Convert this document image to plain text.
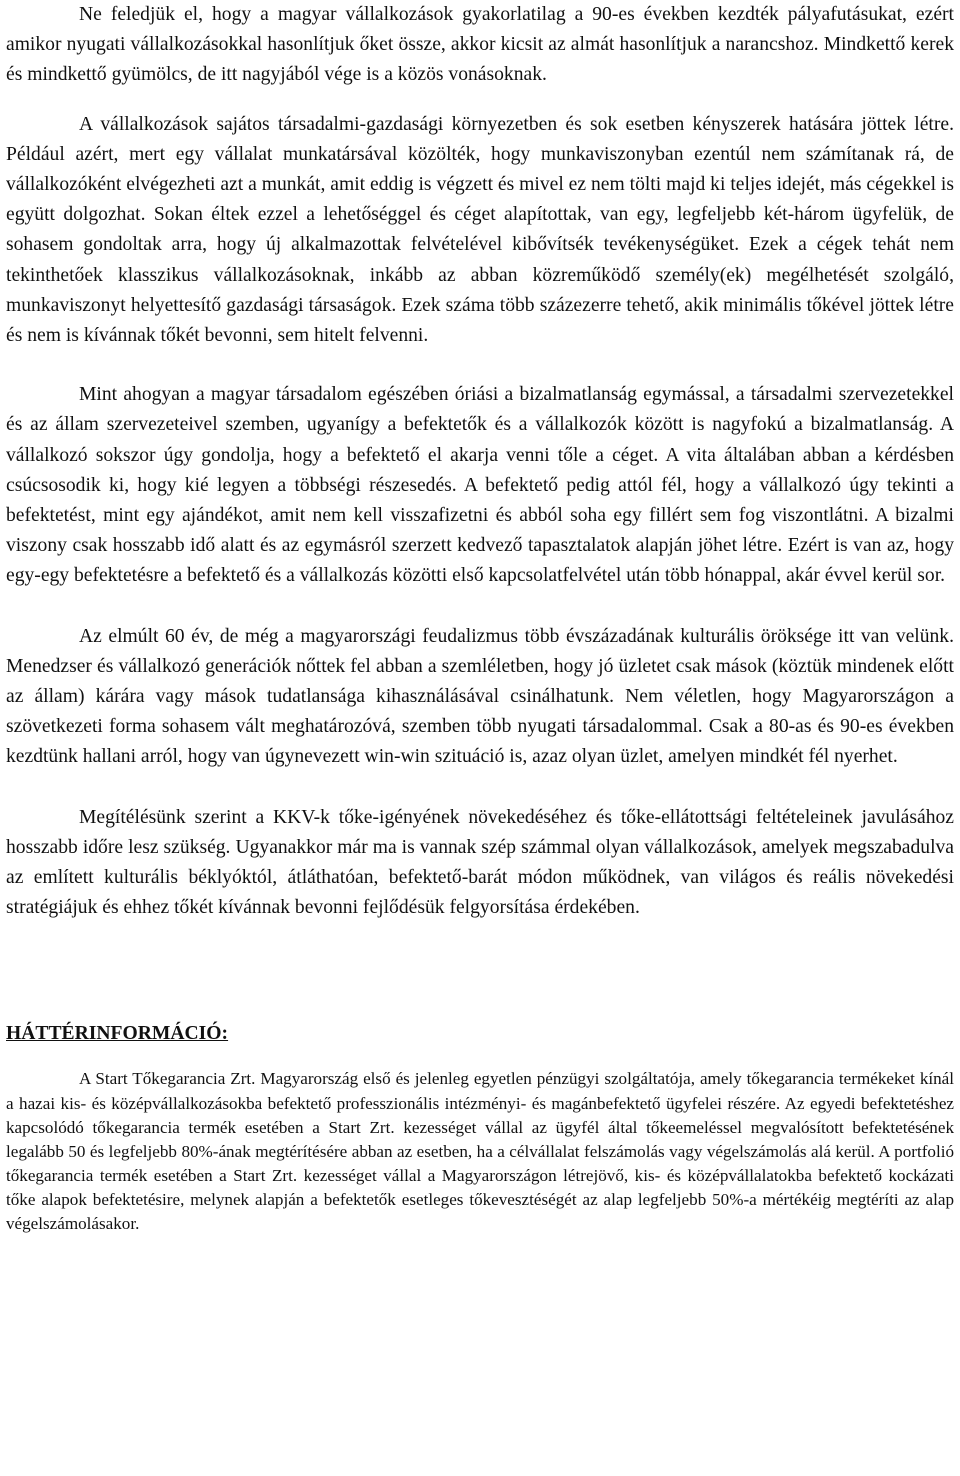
Ne feledjük el, hogy a magyar vállalkozások gyakorlatilag a 90-es években kezdték pályafutásukat, ezért amikor nyugati vállalkozásokkal hasonlítjuk őket össze, akkor kicsit az almát hasonlítjuk a narancshoz. Mindkettő kerek és mindkettő gyümölcs, de itt nagyjából vége is a közös vonásoknak.

A vállalkozások sajátos társadalmi-gazdasági környezetben és sok esetben kényszerek hatására jöttek létre. Például azért, mert egy vállalat munkatársával közölték, hogy munkaviszonyban ezentúl nem számítanak rá, de vállalkozóként elvégezheti azt a munkát, amit eddig is végzett és mivel ez nem tölti majd ki teljes idejét, más cégekkel is együtt dolgozhat. Sokan éltek ezzel a lehetőséggel és céget alapítottak, van egy, legfeljebb két-három ügyfelük, de sohasem gondoltak arra, hogy új alkalmazottak felvételével kibővítsék tevékenységüket. Ezek a cégek tehát nem tekinthetőek klasszikus vállalkozásoknak, inkább az abban közreműködő személy(ek) megélhetését szolgáló, munkaviszonyt helyettesítő gazdasági társaságok. Ezek száma több százezerre tehető, akik minimális tőkével jöttek létre és nem is kívánnak tőkét bevonni, sem hitelt felvenni.

Mint ahogyan a magyar társadalom egészében óriási a bizalmatlanság egymással, a társadalmi szervezetekkel és az állam szervezeteivel szemben, ugyanígy a befektetők és a vállalkozók között is nagyfokú a bizalmatlanság. A vállalkozó sokszor úgy gondolja, hogy a befektető el akarja venni tőle a céget. A vita általában abban a kérdésben csúcsosodik ki, hogy kié legyen a többségi részesedés. A befektető pedig attól fél, hogy a vállalkozó úgy tekinti a befektetést, mint egy ajándékot, amit nem kell visszafizetni és abból soha egy fillért sem fog viszontlátni. A bizalmi viszony csak hosszabb idő alatt és az egymásról szerzett kedvező tapasztalatok alapján jöhet létre. Ezért is van az, hogy egy-egy befektetésre a befektető és a vállalkozás közötti első kapcsolatfelvétel után több hónappal, akár évvel kerül sor.

Az elmúlt 60 év, de még a magyarországi feudalizmus több évszázadának kulturális öröksége itt van velünk. Menedzser és vállalkozó generációk nőttek fel abban a szemléletben, hogy jó üzletet csak mások (köztük mindenek előtt az állam) kárára vagy mások tudatlansága kihasználásával csinálhatunk. Nem véletlen, hogy Magyarországon a szövetkezeti forma sohasem vált meghatározóvá, szemben több nyugati társadalommal. Csak a 80-as és 90-es években kezdtünk hallani arról, hogy van úgynevezett win-win szituáció is, azaz olyan üzlet, amelyen mindkét fél nyerhet.

Megítélésünk szerint a KKV-k tőke-igényének növekedéséhez és tőke-ellátottsági feltételeinek javulásához hosszabb időre lesz szükség. Ugyanakkor már ma is vannak szép számmal olyan vállalkozások, amelyek megszabadulva az említett kulturális béklyóktól, átláthatóan, befektető-barát módon működnek, van világos és reális növekedési stratégiájuk és ehhez tőkét kívánnak bevonni fejlődésük felgyorsítása érdekében.

HÁTTÉRINFORMÁCIÓ:

A Start Tőkegarancia Zrt. Magyarország első és jelenleg egyetlen pénzügyi szolgáltatója, amely tőkegarancia termékeket kínál a hazai kis- és középvállalkozásokba befektető professzionális intézményi- és magánbefektető ügyfelei részére. Az egyedi befektetéshez kapcsolódó tőkegarancia termék esetében a Start Zrt. kezességet vállal az ügyfél által tőkeemeléssel megvalósított befektetésének legalább 50 és legfeljebb 80%-ának megtérítésére abban az esetben, ha a célvállalat felszámolás vagy végelszámolás alá kerül. A portfolió tőkegarancia termék esetében a Start Zrt. kezességet vállal a Magyarországon létrejövő, kis- és középvállalatokba befektető kockázati tőke alapok befektetésire, melynek alapján a befektetők esetleges tőkevesztéségét az alap legfeljebb 50%-a mértékéig megtéríti az alap végelszámolásakor.
